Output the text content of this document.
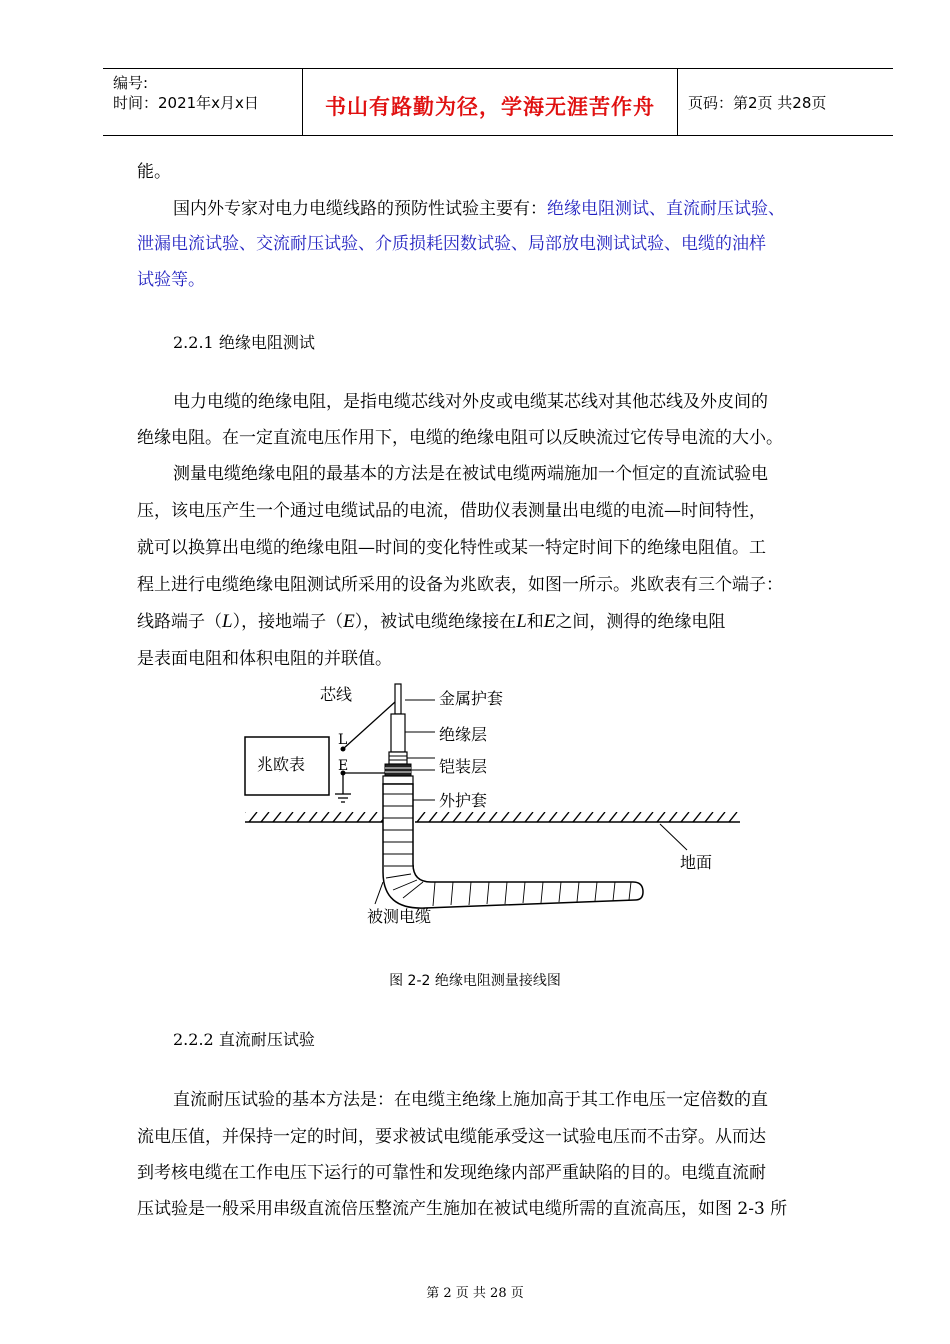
编号:
时间：2021年x月x日	书山有路勤为径，学海无涯苦作舟	页码：第2页 共28页
能。
国内外专家对电力电缆线路的预防性试验主要有：绝缘电阻测试、直流耐压试验、
泄漏电流试验、交流耐压试验、介质损耗因数试验、局部放电测试试验、电缆的油样
试验等。
2.2.1 绝缘电阻测试
电力电缆的绝缘电阻，是指电缆芯线对外皮或电缆某芯线对其他芯线及外皮间的
绝缘电阻。在一定直流电压作用下，电缆的绝缘电阻可以反映流过它传导电流的大小。
测量电缆绝缘电阻的最基本的方法是在被试电缆两端施加一个恒定的直流试验电
压，该电压产生一个通过电缆试品的电流，借助仪表测量出电缆的电流—时间特性，
就可以换算出电缆的绝缘电阻—时间的变化特性或某一特定时间下的绝缘电阻值。工
程上进行电缆绝缘电阻测试所采用的设备为兆欧表，如图一所示。兆欧表有三个端子：
线路端子（L），接地端子（E），被试电缆绝缘接在L和E之间，测得的绝缘电阻
是表面电阻和体积电阻的并联值。
芯线	金属护套
绝缘层
铠装层
外护套
兆欧表
L
E
地面
被测电缆
图 2-2 绝缘电阻测量接线图
2.2.2 直流耐压试验
直流耐压试验的基本方法是：在电缆主绝缘上施加高于其工作电压一定倍数的直
流电压值，并保持一定的时间，要求被试电缆能承受这一试验电压而不击穿。从而达
到考核电缆在工作电压下运行的可靠性和发现绝缘内部严重缺陷的目的。电缆直流耐
压试验是一般采用串级直流倍压整流产生施加在被试电缆所需的直流高压，如图 2-3 所
第 2 页 共 28 页
